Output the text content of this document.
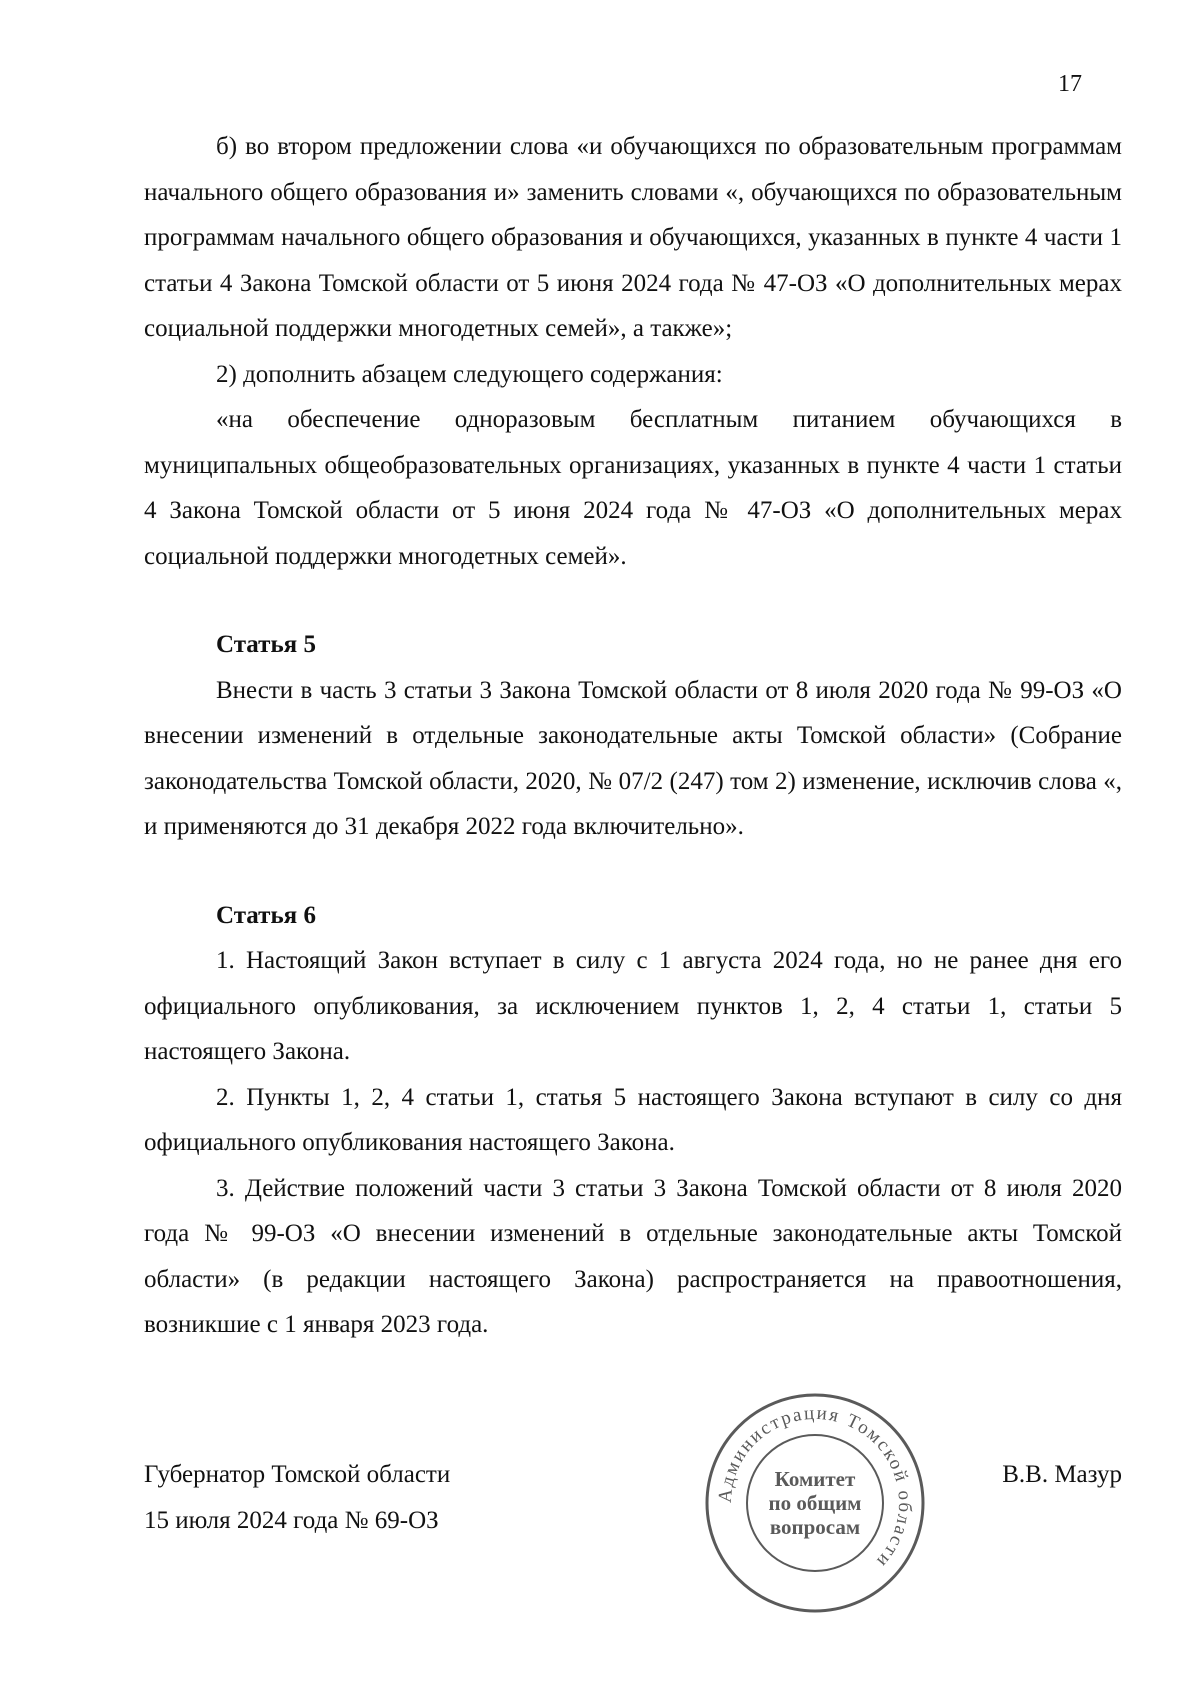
17

б) во втором предложении слова «и обучающихся по образовательным программам начального общего образования и» заменить словами «, обучающихся по образовательным программам начального общего образования и обучающихся, указанных в пункте 4 части 1 статьи 4 Закона Томской области от 5 июня 2024 года № 47-ОЗ «О дополнительных мерах социальной поддержки многодетных семей», а также»;

2) дополнить абзацем следующего содержания:

«на обеспечение одноразовым бесплатным питанием обучающихся в муниципальных общеобразовательных организациях, указанных в пункте 4 части 1 статьи 4 Закона Томской области от 5 июня 2024 года № 47-ОЗ «О дополнительных мерах социальной поддержки многодетных семей».

Статья 5

Внести в часть 3 статьи 3 Закона Томской области от 8 июля 2020 года № 99-ОЗ «О внесении изменений в отдельные законодательные акты Томской области» (Собрание законодательства Томской области, 2020, № 07/2 (247) том 2) изменение, исключив слова «, и применяются до 31 декабря 2022 года включительно».

Статья 6

1. Настоящий Закон вступает в силу с 1 августа 2024 года, но не ранее дня его официального опубликования, за исключением пунктов 1, 2, 4 статьи 1, статьи 5 настоящего Закона.

2. Пункты 1, 2, 4 статьи 1, статья 5 настоящего Закона вступают в силу со дня официального опубликования настоящего Закона.

3. Действие положений части 3 статьи 3 Закона Томской области от 8 июля 2020 года № 99-ОЗ «О внесении изменений в отдельные законодательные акты Томской области» (в редакции настоящего Закона) распространяется на правоотношения, возникшие с 1 января 2023 года.

Губернатор Томской области
15 июля 2024 года № 69-ОЗ
В.В. Мазур
Администрация Томской области
Комитет
по общим
вопросам
